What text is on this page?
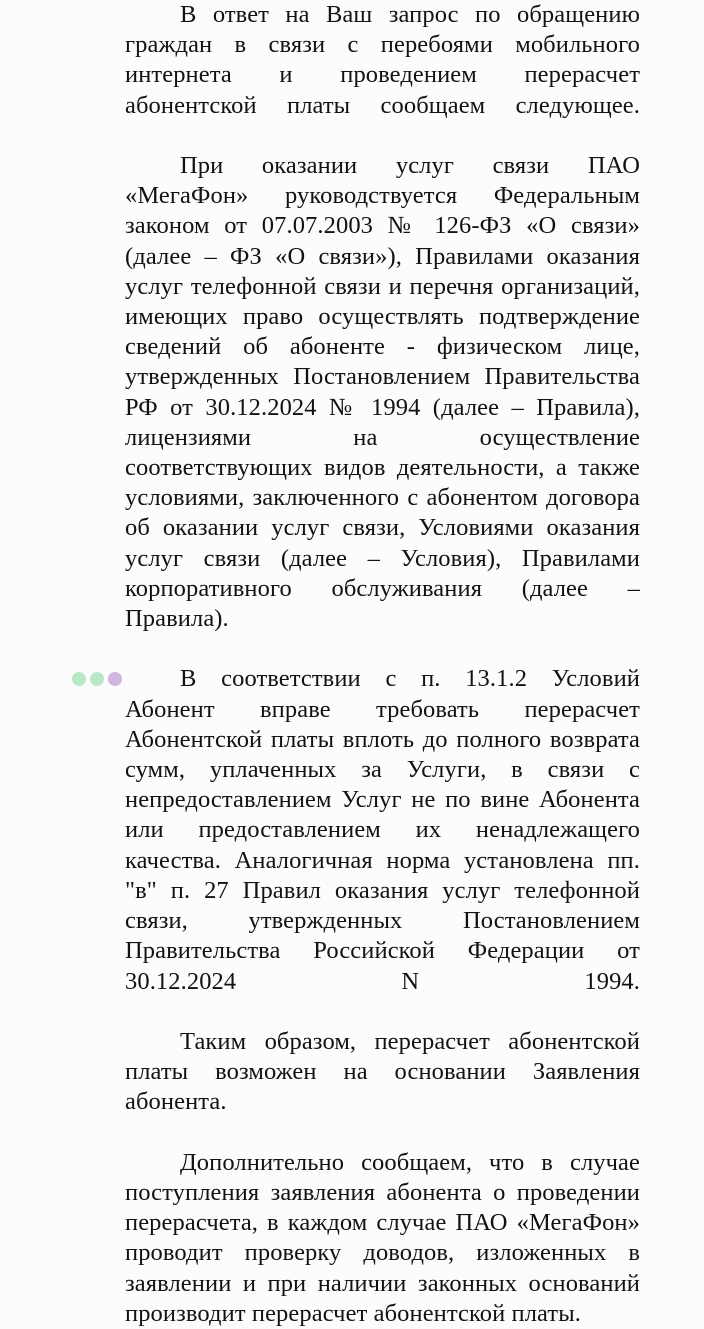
В ответ на Ваш запрос по обращению граждан в связи с перебоями мобильного интернета и проведением перерасчет абонентской платы сообщаем следующее.

При оказании услуг связи ПАО «МегаФон» руководствуется Федеральным законом от 07.07.2003 № 126-ФЗ «О связи» (далее – ФЗ «О связи»), Правилами оказания услуг телефонной связи и перечня организаций, имеющих право осуществлять подтверждение сведений об абоненте - физическом лице, утвержденных Постановлением Правительства РФ от 30.12.2024 № 1994 (далее – Правила), лицензиями на осуществление соответствующих видов деятельности, а также условиями, заключенного с абонентом договора об оказании услуг связи, Условиями оказания услуг связи (далее – Условия), Правилами корпоративного обслуживания (далее – Правила).

В соответствии с п. 13.1.2 Условий Абонент вправе требовать перерасчет Абонентской платы вплоть до полного возврата сумм, уплаченных за Услуги, в связи с непредоставлением Услуг не по вине Абонента или предоставлением их ненадлежащего качества. Аналогичная норма установлена пп. "в" п. 27 Правил оказания услуг телефонной связи, утвержденных Постановлением Правительства Российской Федерации от 30.12.2024 N 1994.

Таким образом, перерасчет абонентской платы возможен на основании Заявления абонента.

Дополнительно сообщаем, что в случае поступления заявления абонента о проведении перерасчета, в каждом случае ПАО «МегаФон» проводит проверку доводов, изложенных в заявлении и при наличии законных оснований производит перерасчет абонентской платы.
